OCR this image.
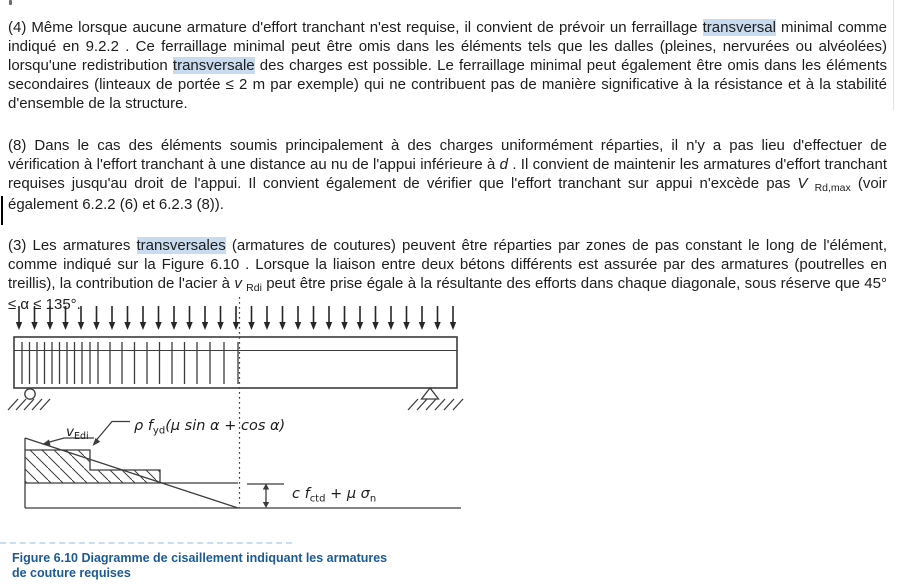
(4) Même lorsque aucune armature d'effort tranchant n'est requise, il convient de prévoir un ferraillage transversal minimal comme indiqué en 9.2.2 . Ce ferraillage minimal peut être omis dans les éléments tels que les dalles (pleines, nervurées ou alvéolées) lorsqu'une redistribution transversale des charges est possible. Le ferraillage minimal peut également être omis dans les éléments secondaires (linteaux de portée ≤ 2 m par exemple) qui ne contribuent pas de manière significative à la résistance et à la stabilité d'ensemble de la structure.

(8) Dans le cas des éléments soumis principalement à des charges uniformément réparties, il n'y a pas lieu d'effectuer de vérification à l'effort tranchant à une distance au nu de l'appui inférieure à d . Il convient de maintenir les armatures d'effort tranchant requises jusqu'au droit de l'appui. Il convient également de vérifier que l'effort tranchant sur appui n'excède pas V $_{Rd,max}$ (voir également 6.2.2 (6) et 6.2.3 (8)).

(3) Les armatures transversales (armatures de coutures) peuvent être réparties par zones de pas constant le long de l'élément, comme indiqué sur la Figure 6.10 . Lorsque la liaison entre deux bétons différents est assurée par des armatures (poutrelles en treillis), la contribution de l'acier à v $_{Rdi}$ peut être prise égale à la résultante des efforts dans chaque diagonale, sous réserve que 45° ≤ α ≤ 135°.

$v_{Edi}$
ρ $f_{yd}(\mu$ sin α + cos α)
c $f_{ctd} + \mu$ $\sigma_n$
Figure 6.10 Diagramme de cisaillement indiquant les armatures de couture requises
